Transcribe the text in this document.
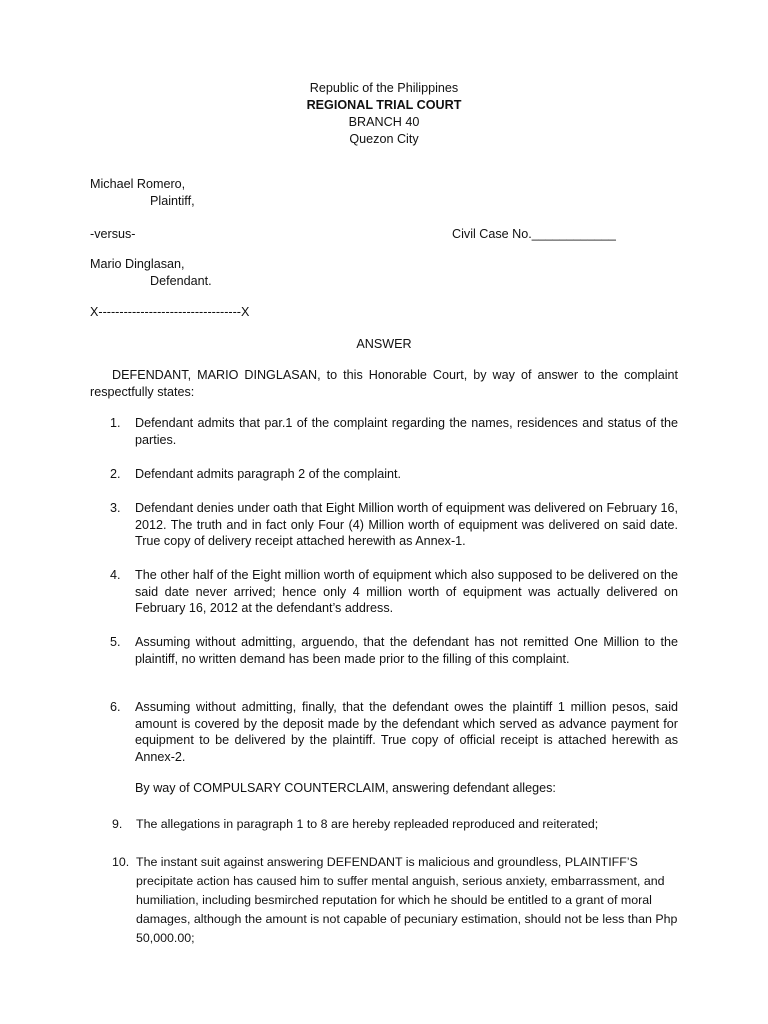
Republic of the Philippines
REGIONAL TRIAL COURT
BRANCH 40
Quezon City
Michael Romero,
Plaintiff,
-versus-	Civil Case No.____________
Mario Dinglasan,
Defendant.
X----------------------------------X
ANSWER
DEFENDANT, MARIO DINGLASAN, to this Honorable Court, by way of answer to the complaint respectfully states:
1.	Defendant admits that par.1 of the complaint regarding the names, residences and status of the parties.
2.	Defendant admits paragraph 2 of the complaint.
3.	Defendant denies under oath that Eight Million worth of equipment was delivered on February 16, 2012. The truth and in fact only Four (4) Million worth of equipment was delivered on said date. True copy of delivery receipt attached herewith as Annex-1.
4.	The other half of the Eight million worth of equipment which also supposed to be delivered on the said date never arrived; hence only 4 million worth of equipment was actually delivered on February 16, 2012 at the defendant’s address.
5.	Assuming without admitting, arguendo, that the defendant has not remitted One Million to the plaintiff, no written demand has been made prior to the filling of this complaint.
6.	Assuming without admitting, finally, that the defendant owes the plaintiff 1 million pesos, said amount is covered by the deposit made by the defendant which served as advance payment for equipment to be delivered by the plaintiff. True copy of official receipt is attached herewith as Annex-2.
By way of COMPULSARY COUNTERCLAIM, answering defendant alleges:
9. The allegations in paragraph 1 to 8 are hereby repleaded reproduced and reiterated;
10. The instant suit against answering DEFENDANT is malicious and groundless, PLAINTIFF’S precipitate action has caused him to suffer mental anguish, serious anxiety, embarrassment, and humiliation, including besmirched reputation for which he should be entitled to a grant of moral damages, although the amount is not capable of pecuniary estimation, should not be less than Php 50,000.00;
